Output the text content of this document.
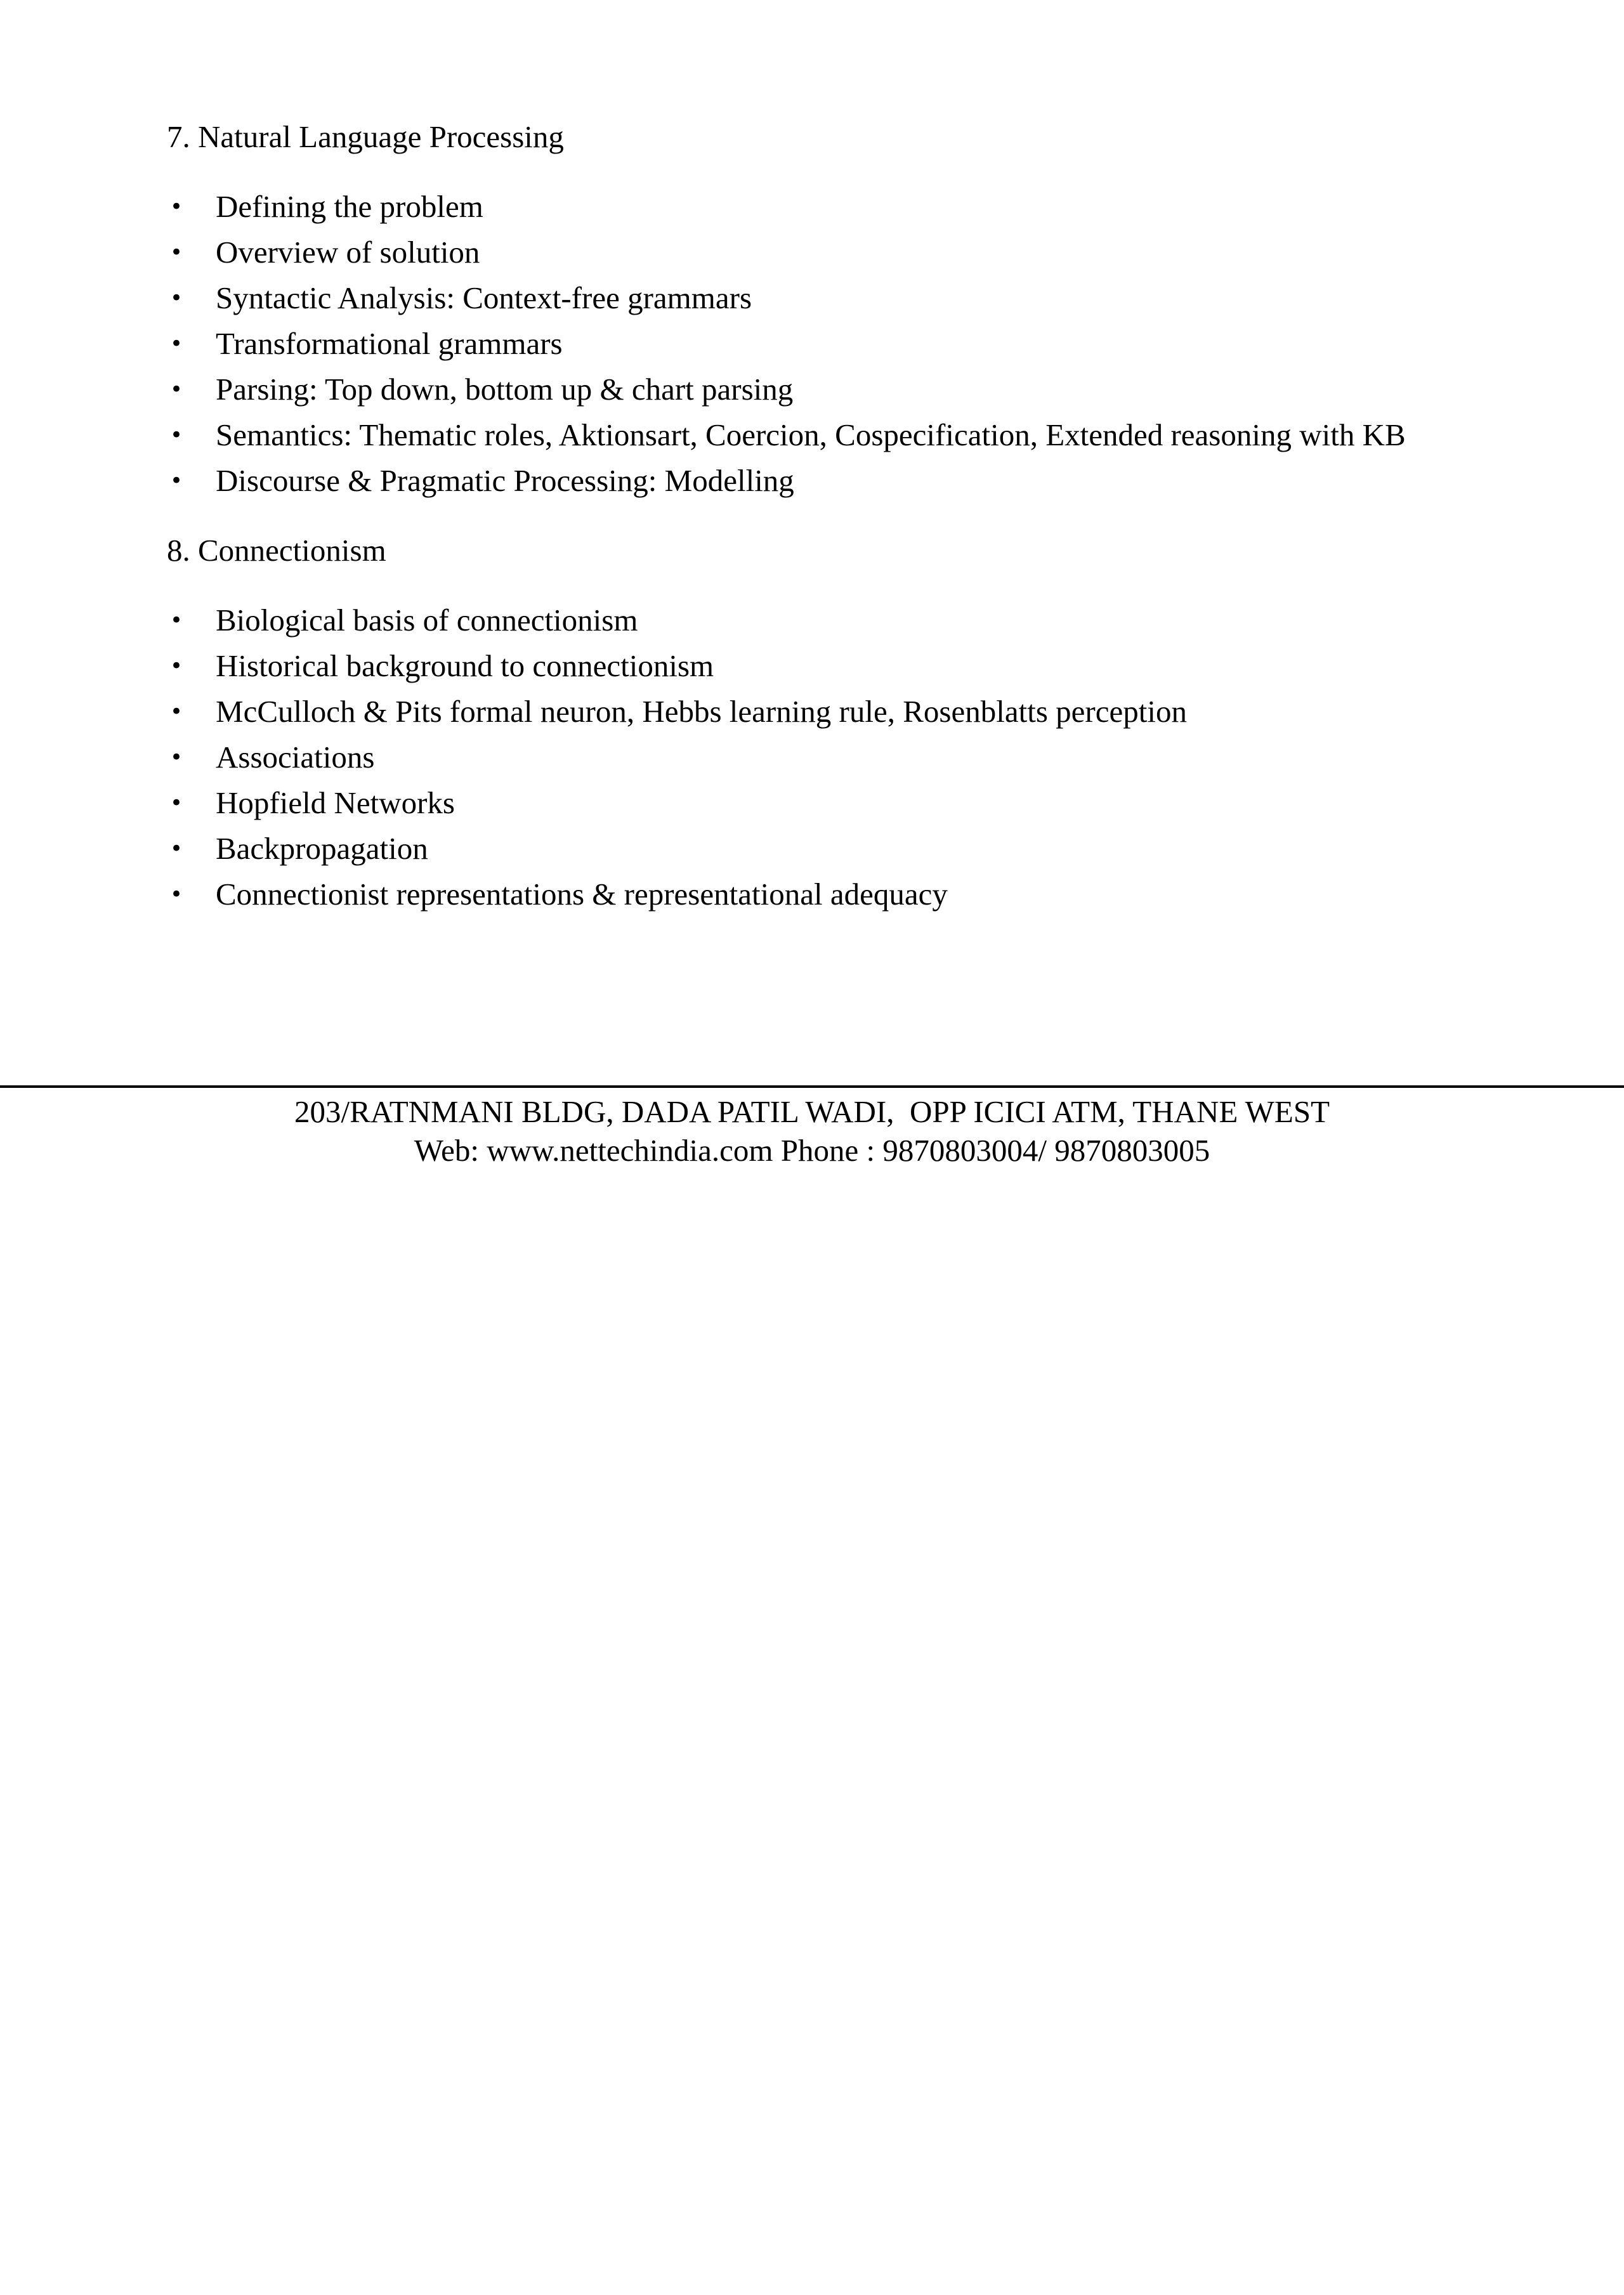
7. Natural Language Processing

• Defining the problem
• Overview of solution
• Syntactic Analysis: Context-free grammars
• Transformational grammars
• Parsing: Top down, bottom up & chart parsing
• Semantics: Thematic roles, Aktionsart, Coercion, Cospecification, Extended reasoning with KB
• Discourse & Pragmatic Processing: Modelling

8. Connectionism

• Biological basis of connectionism
• Historical background to connectionism
• McCulloch & Pits formal neuron, Hebbs learning rule, Rosenblatts perception
• Associations
• Hopfield Networks
• Backpropagation
• Connectionist representations & representational adequacy
203/RATNMANI BLDG, DADA PATIL WADI,  OPP ICICI ATM, THANE WEST
Web: www.nettechindia.com Phone : 9870803004/ 9870803005
